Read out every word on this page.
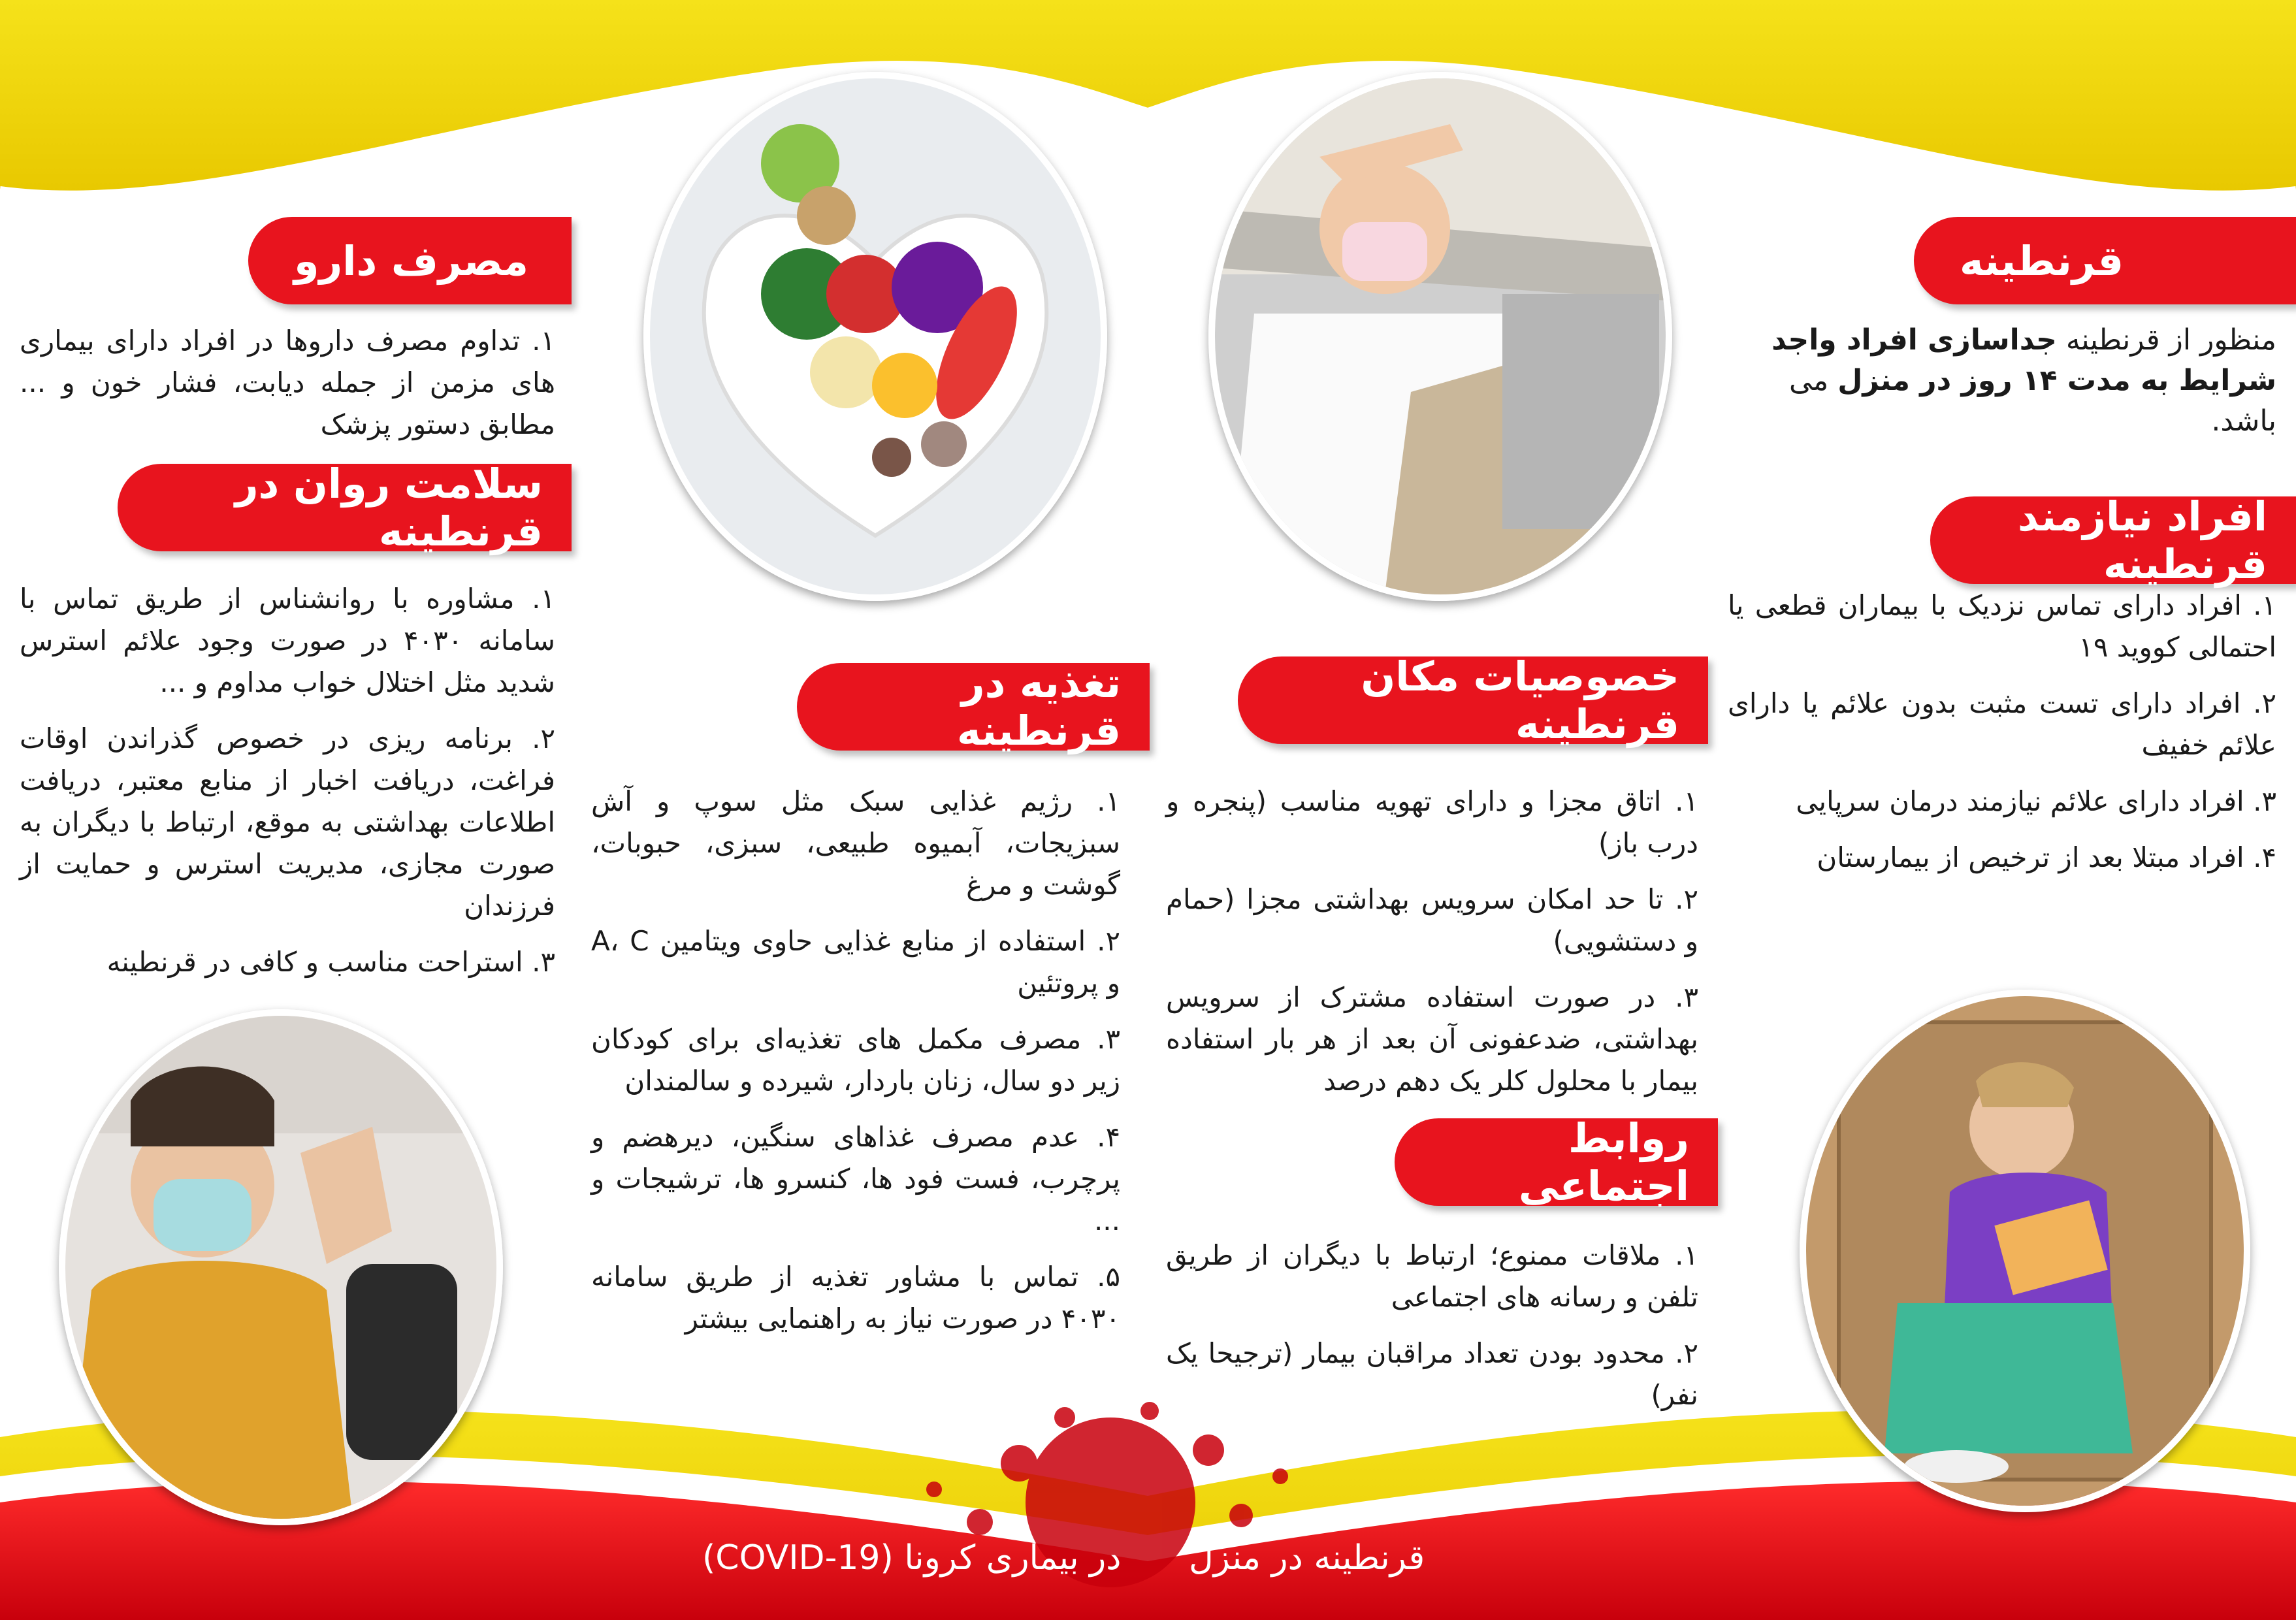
قرنطینه
منظور از قرنطینه جداسازی افراد واجد شرایط به مدت ۱۴ روز در منزل می باشد.
افراد نیازمند قرنطینه

۱. افراد دارای تماس نزدیک با بیماران قطعی یا احتمالی کووید ۱۹

۲. افراد دارای تست مثبت بدون علائم یا دارای علائم خفیف

۳. افراد دارای علائم نیازمند درمان سرپایی

۴. افراد مبتلا بعد از ترخیص از بیمارستان

خصوصیات مکان قرنطینه

۱. اتاق مجزا و دارای تهویه مناسب (پنجره و درب باز)

۲. تا حد امکان سرویس بهداشتی مجزا (حمام و دستشویی)

۳. در صورت استفاده مشترک از سرویس بهداشتی، ضدعفونی آن بعد از هر بار استفاده بیمار با محلول کلر یک دهم درصد

روابط اجتماعی

۱. ملاقات ممنوع؛ ارتباط با دیگران از طریق تلفن و رسانه های اجتماعی

۲. محدود بودن تعداد مراقبان بیمار (ترجیحا یک نفر)

تغذیه در قرنطینه

۱. رژیم غذایی سبک مثل سوپ و آش سبزیجات، آبمیوه طبیعی، سبزی، حبوبات، گوشت و مرغ

۲. استفاده از منابع غذایی حاوی ویتامین A، C و پروتئین

۳. مصرف مکمل های تغذیه‌ای برای کودکان زیر دو سال، زنان باردار، شیرده و سالمندان

۴. عدم مصرف غذاهای سنگین، دیرهضم و پرچرب، فست فود ها، کنسرو ها، ترشیجات و ...

۵. تماس با مشاور تغذیه از طریق سامانه ۴۰۳۰ در صورت نیاز به راهنمایی بیشتر

مصرف دارو

۱. تداوم مصرف داروها در افراد دارای بیماری های مزمن از جمله دیابت، فشار خون و ... مطابق دستور پزشک

سلامت روان در قرنطینه

۱. مشاوره با روانشناس از طریق تماس با سامانه ۴۰۳۰ در صورت وجود علائم استرس شدید مثل اختلال خواب مداوم و ...

۲. برنامه ریزی در خصوص گذراندن اوقات فراغت، دریافت اخبار از منابع معتبر، دریافت اطلاعات بهداشتی به موقع، ارتباط با دیگران به صورت مجازی، مدیریت استرس و حمایت از فرزندان

۳. استراحت مناسب و کافی در قرنطینه

قرنطینه در منزل
در بیماری کرونا (COVID-19)
